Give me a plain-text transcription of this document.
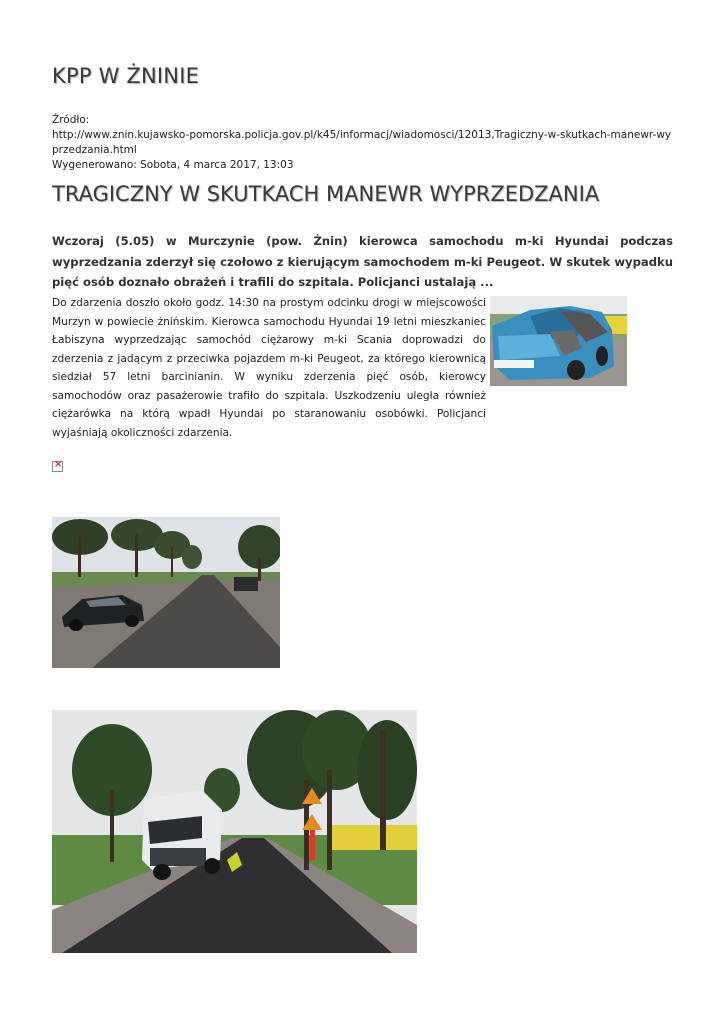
KPP W ŻNINIE
Źródło:
http://www.znin.kujawsko-pomorska.policja.gov.pl/k45/informacj/wiadomosci/12013,Tragiczny-w-skutkach-manewr-wyprzedzania.html
Wygenerowano: Sobota, 4 marca 2017, 13:03
TRAGICZNY W SKUTKACH MANEWR WYPRZEDZANIA

Wczoraj (5.05) w Murczynie (pow. Żnin) kierowca samochodu m-ki Hyundai podczas wyprzedzania zderzył się czołowo z kierującym samochodem m-ki Peugeot. W skutek wypadku pięć osób doznało obrażeń i trafili do szpitala. Policjanci ustalają ...

Do zdarzenia doszło około godz. 14:30 na prostym odcinku drogi w miejscowości Murzyn w powiecie żnińskim. Kierowca samochodu Hyundai 19 letni mieszkaniec Łabiszyna wyprzedzając samochód ciężarowy m-ki Scania doprowadzi do zderzenia z jadącym z przeciwka pojazdem m-ki Peugeot, za którego kierownicą siedział 57 letni barcinianin. W wyniku zderzenia pięć osób, kierowcy samochodów oraz pasażerowie trafiło do szpitala. Uszkodzeniu uległa również ciężarówka na którą wpadł Hyundai po staranowaniu osobówki. Policjanci wyjaśniają okoliczności zdarzenia.

×
